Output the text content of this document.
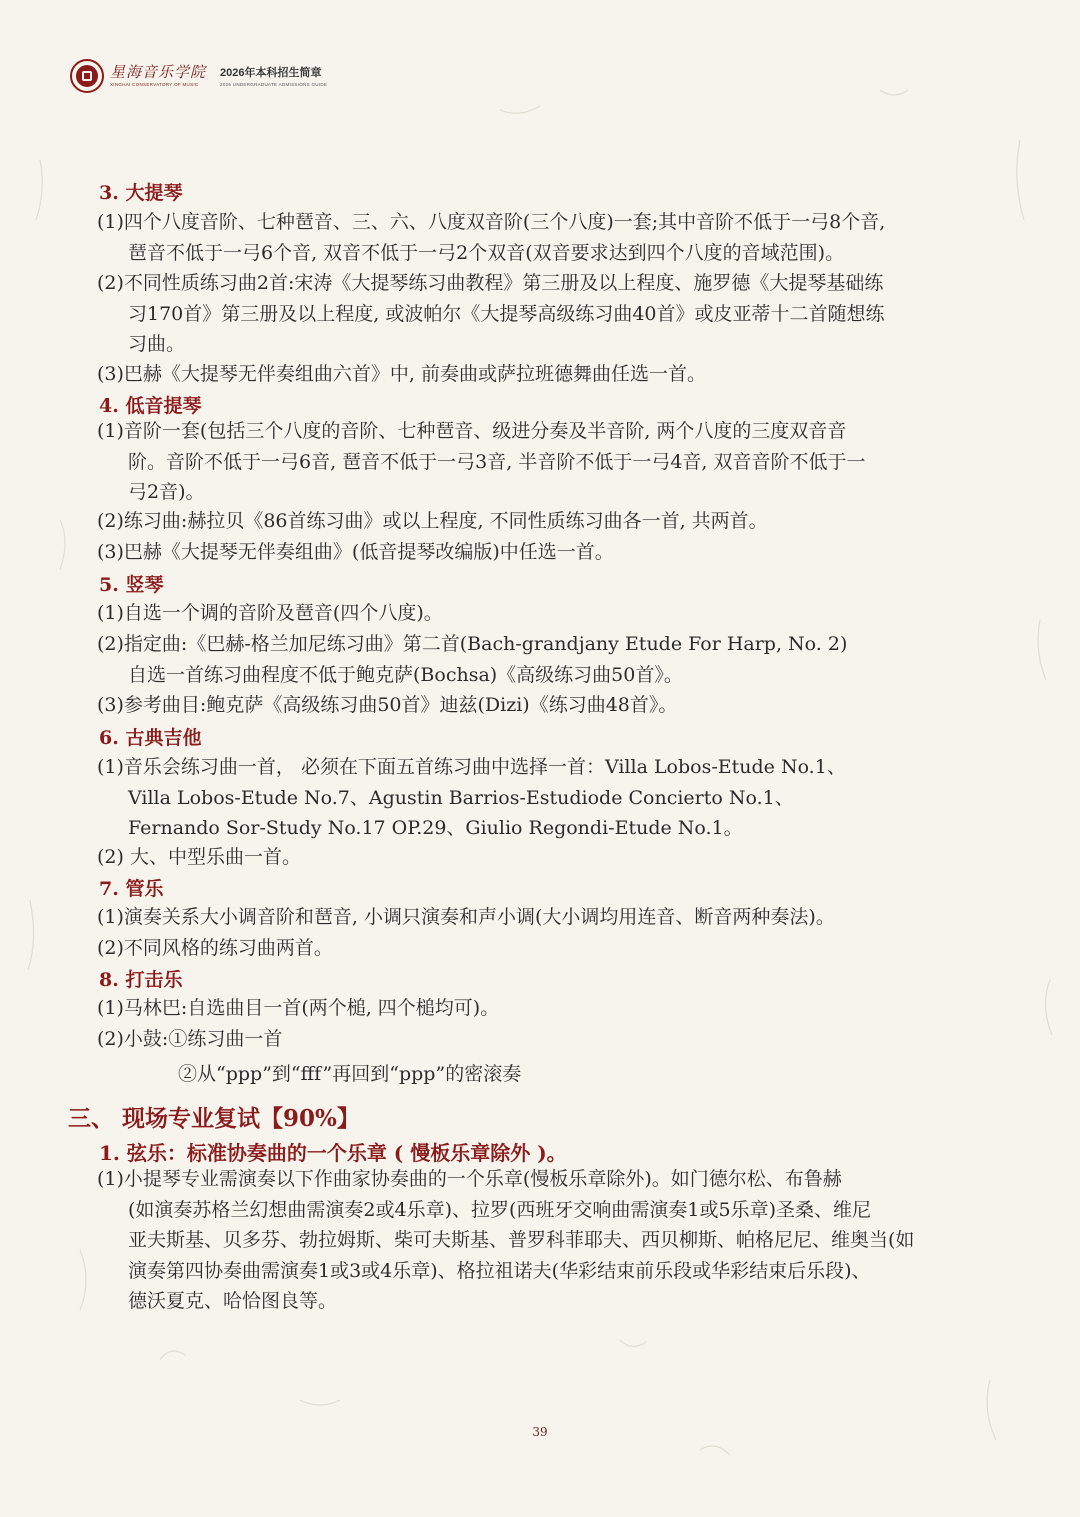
星海音乐学院
XINGHAI CONSERVATORY OF MUSIC
2026年本科招生简章
2026 UNDERGRADUATE ADMISSIONS GUIDE
3. 大提琴
(1)四个八度音阶、七种琶音、三、六、八度双音阶(三个八度)一套;其中音阶不低于一弓8个音,
琶音不低于一弓6个音, 双音不低于一弓2个双音(双音要求达到四个八度的音域范围)。
(2)不同性质练习曲2首:宋涛《大提琴练习曲教程》第三册及以上程度、施罗德《大提琴基础练
习170首》第三册及以上程度, 或波帕尔《大提琴高级练习曲40首》或皮亚蒂十二首随想练
习曲。
(3)巴赫《大提琴无伴奏组曲六首》中, 前奏曲或萨拉班德舞曲任选一首。
4. 低音提琴
(1)音阶一套(包括三个八度的音阶、七种琶音、级进分奏及半音阶, 两个八度的三度双音音
阶。音阶不低于一弓6音, 琶音不低于一弓3音, 半音阶不低于一弓4音, 双音音阶不低于一
弓2音)。
(2)练习曲:赫拉贝《86首练习曲》或以上程度, 不同性质练习曲各一首, 共两首。
(3)巴赫《大提琴无伴奏组曲》(低音提琴改编版)中任选一首。
5. 竖琴
(1)自选一个调的音阶及琶音(四个八度)。
(2)指定曲:《巴赫-格兰加尼练习曲》第二首(Bach-grandjany Etude For Harp, No. 2)
自选一首练习曲程度不低于鲍克萨(Bochsa)《高级练习曲50首》。
(3)参考曲目:鲍克萨《高级练习曲50首》迪兹(Dizi)《练习曲48首》。
6. 古典吉他
(1)音乐会练习曲一首， 必须在下面五首练习曲中选择一首：Villa Lobos-Etude No.1、
Villa Lobos-Etude No.7、Agustin Barrios-Estudiode Concierto No.1、
Fernando Sor-Study No.17 OP.29、Giulio Regondi-Etude No.1。
(2) 大、中型乐曲一首。
7. 管乐
(1)演奏关系大小调音阶和琶音, 小调只演奏和声小调(大小调均用连音、断音两种奏法)。
(2)不同风格的练习曲两首。
8. 打击乐
(1)马林巴:自选曲目一首(两个槌, 四个槌均可)。
(2)小鼓:①练习曲一首
②从“ppp”到“fff”再回到“ppp”的密滚奏
三、 现场专业复试【90%】
1. 弦乐：标准协奏曲的一个乐章 ( 慢板乐章除外 )。
(1)小提琴专业需演奏以下作曲家协奏曲的一个乐章(慢板乐章除外)。如门德尔松、布鲁赫
(如演奏苏格兰幻想曲需演奏2或4乐章)、拉罗(西班牙交响曲需演奏1或5乐章)圣桑、维尼
亚夫斯基、贝多芬、勃拉姆斯、柴可夫斯基、普罗科菲耶夫、西贝柳斯、帕格尼尼、维奥当(如
演奏第四协奏曲需演奏1或3或4乐章)、格拉祖诺夫(华彩结束前乐段或华彩结束后乐段)、
德沃夏克、哈恰图良等。
39
